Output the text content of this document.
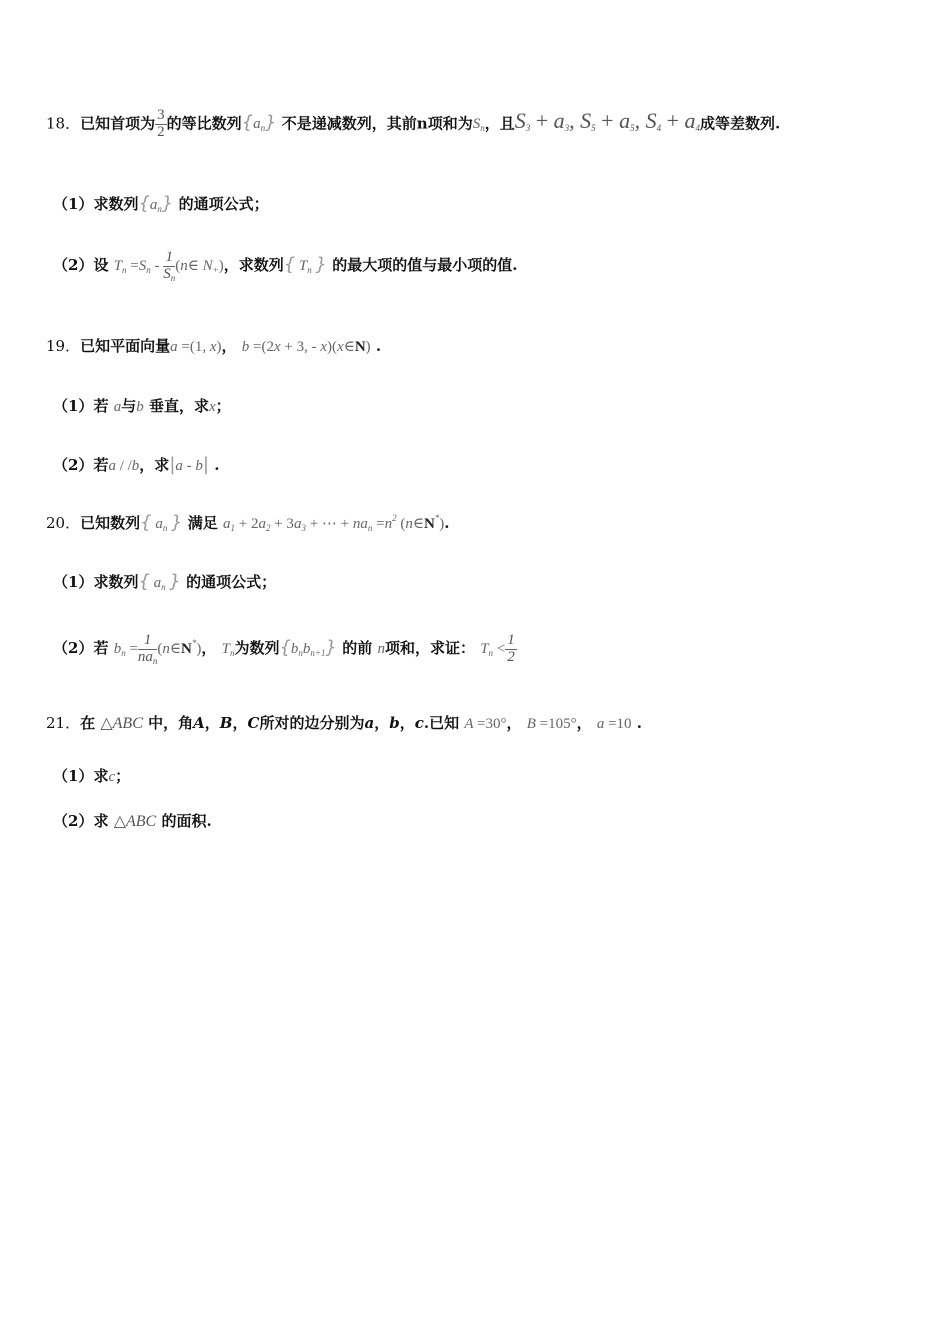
18．已知首项为 $\frac{3}{2}$ 的等比数列$\{a_n\}$ 不是递减数列，其前n项和为$S_n$，且S3 + a3, S5 + a5, S4 + a4成等差数列.
（1）求数列$\{a_n\}$ 的通项公式；
（2）设 $T_n =S_n - \frac{1}{S_n}$ (n∈ $N_+$)，求数列{ $T_n$ } 的最大项的值与最小项的值.
19．已知平面向量a =(1, x)， b =(2x + 3, - x)(x∈N) .
（1）若 a与b 垂直，求x；
（2）若a / /b，求|a - b| .
20．已知数列{ $a_n$ } 满足 $a_1 + 2a_2 + 3a_3$ + ⋯ + $na_n =n^2$ (n∈N*).
（1）求数列{ $a_n$ } 的通项公式；
（2）若 $b_n = \frac{1}{na_n}$ (n∈N*)， $T_n$为数列$\{b_nb_{n+1}\}$ 的前 n项和，求证： $T_n < \frac{1}{2}$
21．在 △ABC 中，角A，B，C所对的边分别为a，b，c.已知 A =30°， B =105°， a =10 .
（1）求c；
（2）求 △ABC 的面积.
